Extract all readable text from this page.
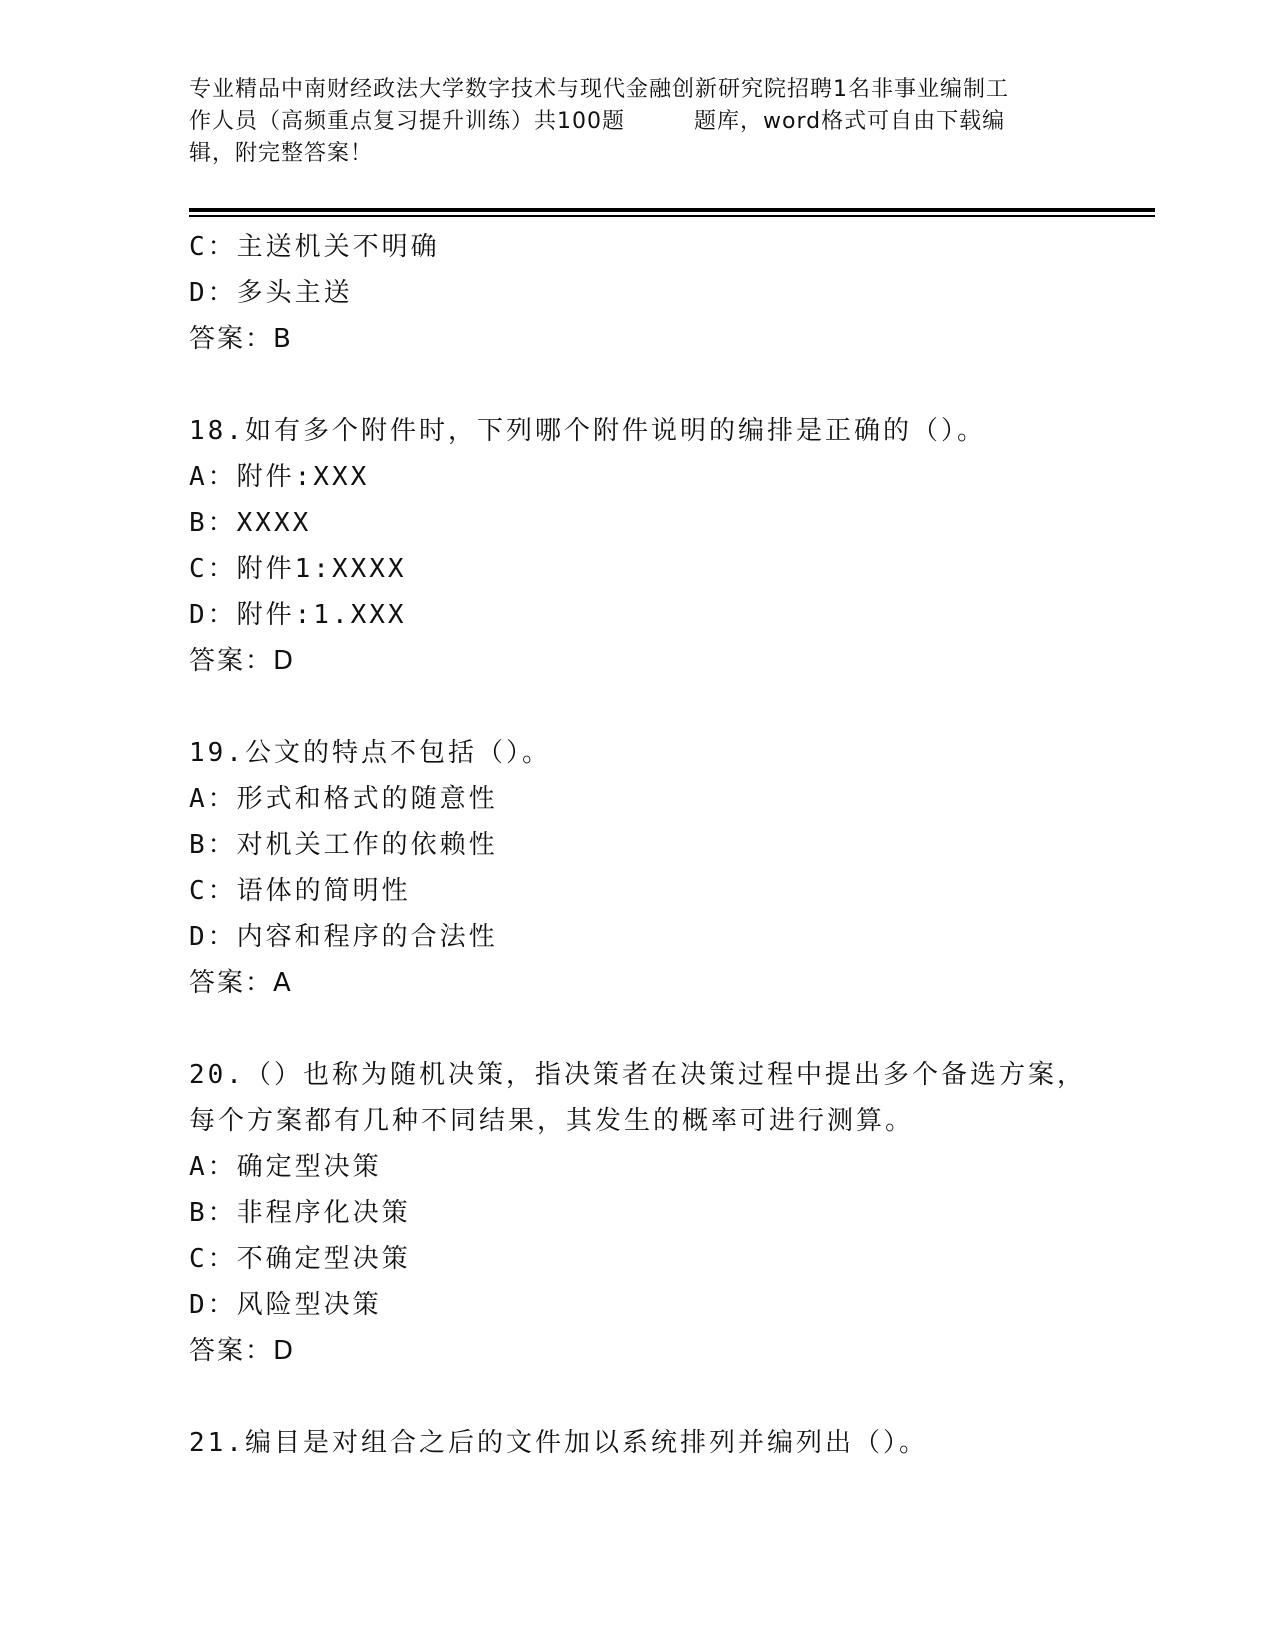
专业精品中南财经政法大学数字技术与现代金融创新研究院招聘1名非事业编制工
作人员（高频重点复习提升训练）共100题　　　题库，word格式可自由下载编
辑，附完整答案！
C：主送机关不明确
D：多头主送
答案：B
18.如有多个附件时，下列哪个附件说明的编排是正确的（）。
A：附件:XXX
B：XXXX
C：附件1:XXXX
D：附件:1.XXX
答案：D
19.公文的特点不包括（）。
A：形式和格式的随意性
B：对机关工作的依赖性
C：语体的简明性
D：内容和程序的合法性
答案：A
20.（）也称为随机决策，指决策者在决策过程中提出多个备选方案，
每个方案都有几种不同结果，其发生的概率可进行测算。
A：确定型决策
B：非程序化决策
C：不确定型决策
D：风险型决策
答案：D
21.编目是对组合之后的文件加以系统排列并编列出（）。
